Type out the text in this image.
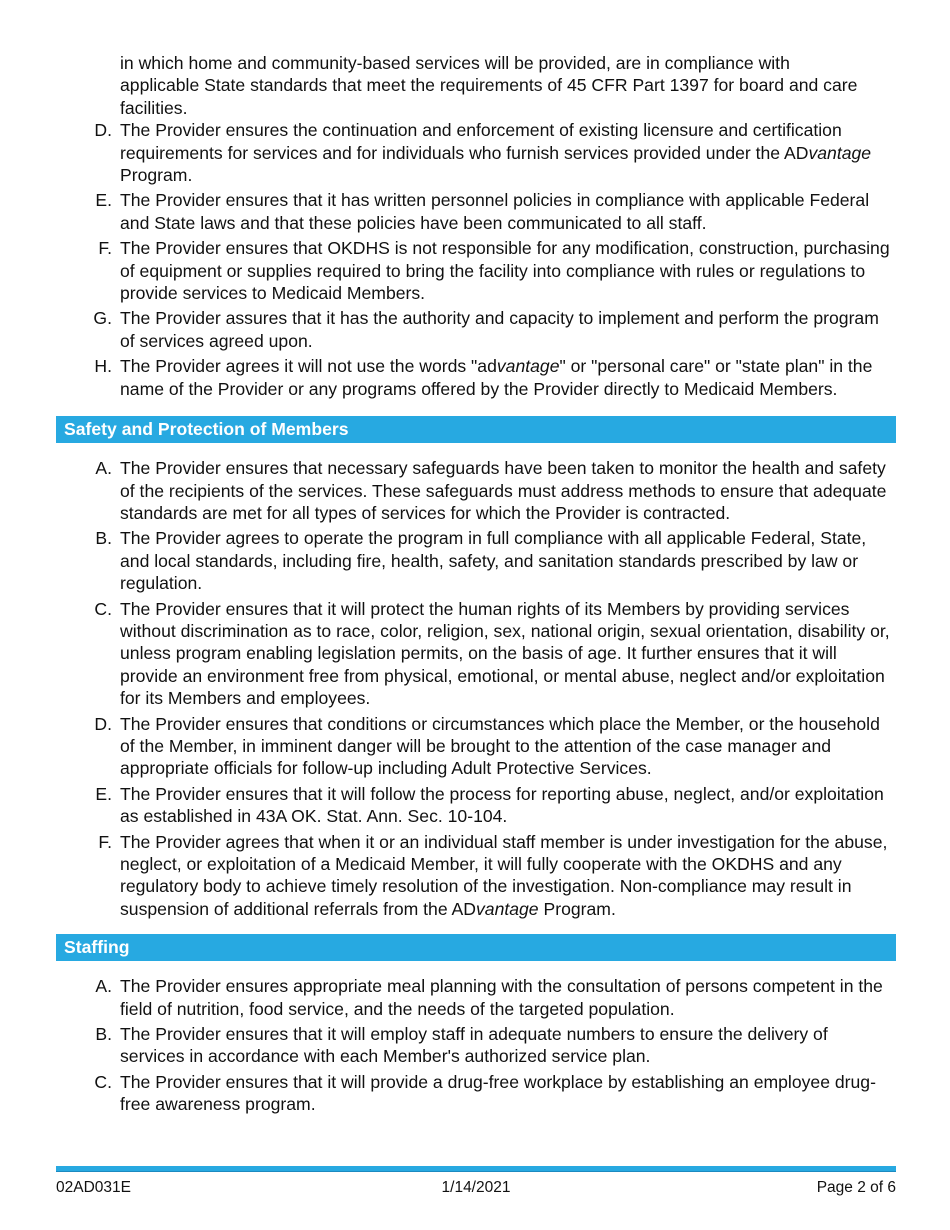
in which home and community-based services will be provided, are in compliance with applicable State standards that meet the requirements of 45 CFR Part 1397 for board and care facilities.

D. The Provider ensures the continuation and enforcement of existing licensure and certification requirements for services and for individuals who furnish services provided under the ADvantage Program.
E. The Provider ensures that it has written personnel policies in compliance with applicable Federal and State laws and that these policies have been communicated to all staff.
F. The Provider ensures that OKDHS is not responsible for any modification, construction, purchasing of equipment or supplies required to bring the facility into compliance with rules or regulations to provide services to Medicaid Members.
G. The Provider assures that it has the authority and capacity to implement and perform the program of services agreed upon.
H. The Provider agrees it will not use the words "advantage" or "personal care" or "state plan" in the name of the Provider or any programs offered by the Provider directly to Medicaid Members.
Safety and Protection of Members
A. The Provider ensures that necessary safeguards have been taken to monitor the health and safety of the recipients of the services. These safeguards must address methods to ensure that adequate standards are met for all types of services for which the Provider is contracted.
B. The Provider agrees to operate the program in full compliance with all applicable Federal, State, and local standards, including fire, health, safety, and sanitation standards prescribed by law or regulation.
C. The Provider ensures that it will protect the human rights of its Members by providing services without discrimination as to race, color, religion, sex, national origin, sexual orientation, disability or, unless program enabling legislation permits, on the basis of age. It further ensures that it will provide an environment free from physical, emotional, or mental abuse, neglect and/or exploitation for its Members and employees.
D. The Provider ensures that conditions or circumstances which place the Member, or the household of the Member, in imminent danger will be brought to the attention of the case manager and appropriate officials for follow-up including Adult Protective Services.
E. The Provider ensures that it will follow the process for reporting abuse, neglect, and/or exploitation as established in 43A OK. Stat. Ann. Sec. 10-104.
F. The Provider agrees that when it or an individual staff member is under investigation for the abuse, neglect, or exploitation of a Medicaid Member, it will fully cooperate with the OKDHS and any regulatory body to achieve timely resolution of the investigation. Non-compliance may result in suspension of additional referrals from the ADvantage Program.
Staffing
A. The Provider ensures appropriate meal planning with the consultation of persons competent in the field of nutrition, food service, and the needs of the targeted population.
B. The Provider ensures that it will employ staff in adequate numbers to ensure the delivery of services in accordance with each Member's authorized service plan.
C. The Provider ensures that it will provide a drug-free workplace by establishing an employee drug-free awareness program.
02AD031E	1/14/2021	Page 2 of 6
